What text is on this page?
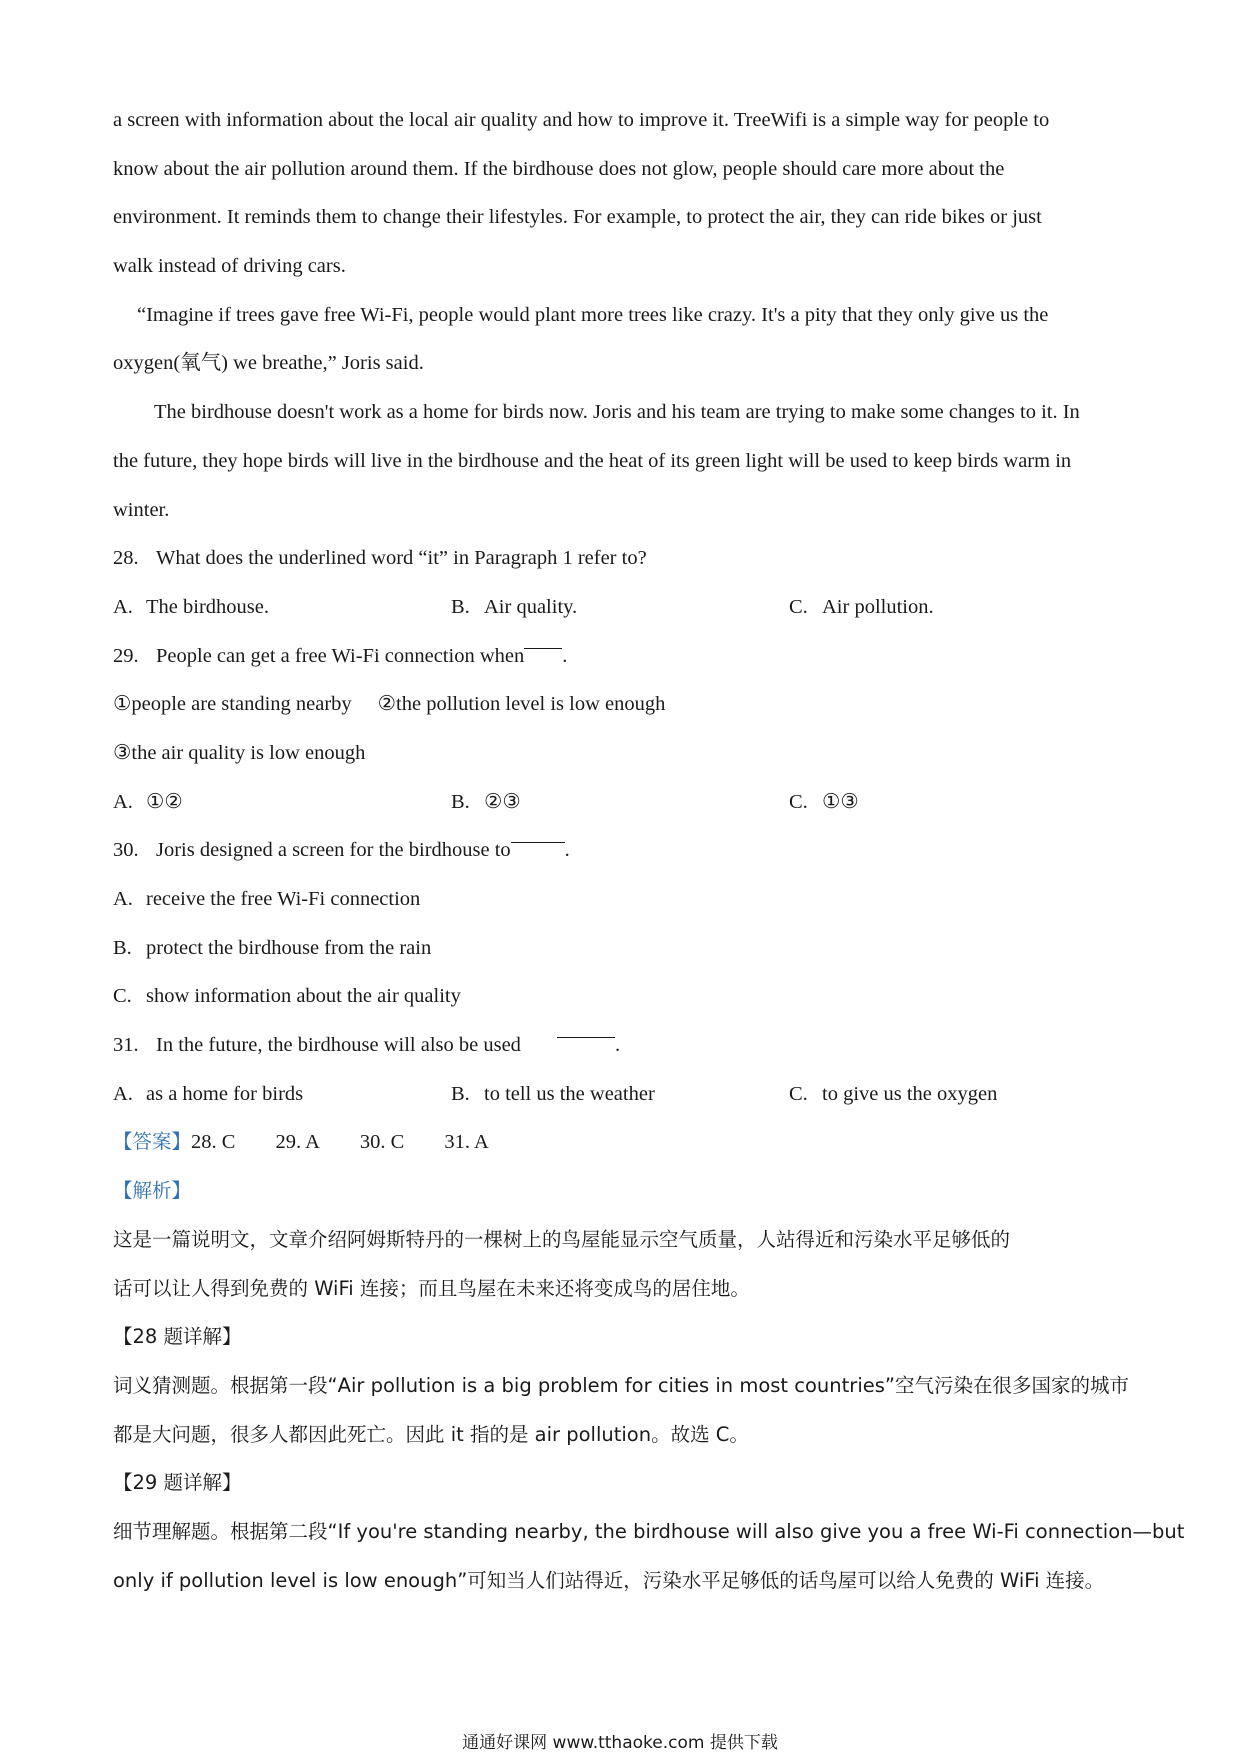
a screen with information about the local air quality and how to improve it. TreeWifi is a simple way for people to
know about the air pollution around them. If the birdhouse does not glow, people should care more about the
environment. It reminds them to change their lifestyles. For example, to protect the air, they can ride bikes or just
walk instead of driving cars.
“Imagine if trees gave free Wi-Fi, people would plant more trees like crazy. It's a pity that they only give us the
oxygen(氧气) we breathe,” Joris said.
The birdhouse doesn't work as a home for birds now. Joris and his team are trying to make some changes to it. In
the future, they hope birds will live in the birdhouse and the heat of its green light will be used to keep birds warm in
winter.
28. What does the underlined word “it” in Paragraph 1 refer to?
A. The birdhouse.	B. Air quality.	C. Air pollution.
29. People can get a free Wi-Fi connection when .
①people are standing nearby ②the pollution level is low enough
③the air quality is low enough
A. ①②	B. ②③	C. ①③
30. Joris designed a screen for the birdhouse to	.
A. receive the free Wi-Fi connection
B. protect the birdhouse from the rain
C. show information about the air quality
31. In the future, the birdhouse will also be used	.
A. as a home for birds	B. to tell us the weather	C. to give us the oxygen
【答案】28. C 29. A 30. C 31. A
【解析】
这是一篇说明文，文章介绍阿姆斯特丹的一棵树上的鸟屋能显示空气质量，人站得近和污染水平足够低的
话可以让人得到免费的 WiFi 连接；而且鸟屋在未来还将变成鸟的居住地。
【28 题详解】
词义猜测题。根据第一段“Air pollution is a big problem for cities in most countries”空气污染在很多国家的城市
都是大问题，很多人都因此死亡。因此 it 指的是 air pollution。故选 C。
【29 题详解】
细节理解题。根据第二段“If you're standing nearby, the birdhouse will also give you a free Wi-Fi connection—but
only if pollution level is low enough”可知当人们站得近，污染水平足够低的话鸟屋可以给人免费的 WiFi 连接。
通通好课网 www.tthaoke.com 提供下载
